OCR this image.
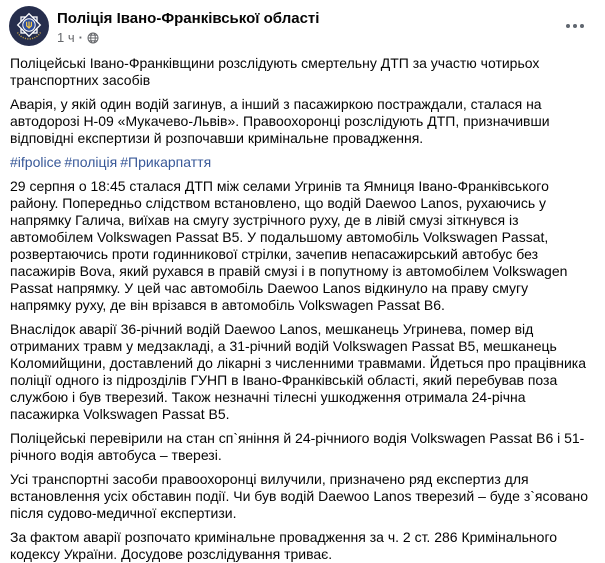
Поліція Івано-Франківської області
1 ч ·

Поліцейські Івано-Франківщини розслідують смертельну ДТП за участю чотирьох транспортних засобів

Аварія, у якій один водій загинув, а інший з пасажиркою постраждали, сталася на автодорозі Н-09 «Мукачево-Львів». Правоохоронці розслідують ДТП, призначивши відповідні експертизи й розпочавши кримінальне провадження.

#ifpolice #поліція #Прикарпаття

29 серпня о 18:45 сталася ДТП між селами Угринів та Ямниця Івано-Франківського району. Попередньо слідством встановлено, що водій Daewoo Lanos, рухаючись у напрямку Галича, виїхав на смугу зустрічного руху, де в лівій смузі зіткнувся із автомобілем Volkswagen Passat B5. У подальшому автомобіль Volkswagen Passat, розвертаючись проти годинникової стрілки, зачепив непасажирський автобус без пасажирів Bova, який рухався в правій смузі і в попутному із автомобілем Volkswagen Passat напрямку. У цей час автомобіль Daewoo Lanos відкинуло на праву смугу напрямку руху, де він врізався в автомобіль Volkswagen Passat B6.

Внаслідок аварії 36-річний водій Daewoo Lanos, мешканець Угринева, помер від отриманих травм у медзакладі, а 31-річний водій Volkswagen Passat B5, мешканець Коломийщини, доставлений до лікарні з численними травмами. Йдеться про працівника поліції одного із підрозділів ГУНП в Івано-Франківській області, який перебував поза службою і був тверезий. Також незначні тілесні ушкодження отримала 24-річна пасажирка Volkswagen Passat B5.

Поліцейські перевірили на стан сп`яніння й 24-річниого водія Volkswagen Passat B6 і 51-річного водія автобуса – тверезі.

Усі транспортні засоби правоохоронці вилучили, призначено ряд експертиз для встановлення усіх обставин події. Чи був водій Daewoo Lanos тверезий – буде з`ясовано після судово-медичної експертизи.

За фактом аварії розпочато кримінальне провадження за ч. 2 ст. 286 Кримінального кодексу України. Досудове розслідування триває.
